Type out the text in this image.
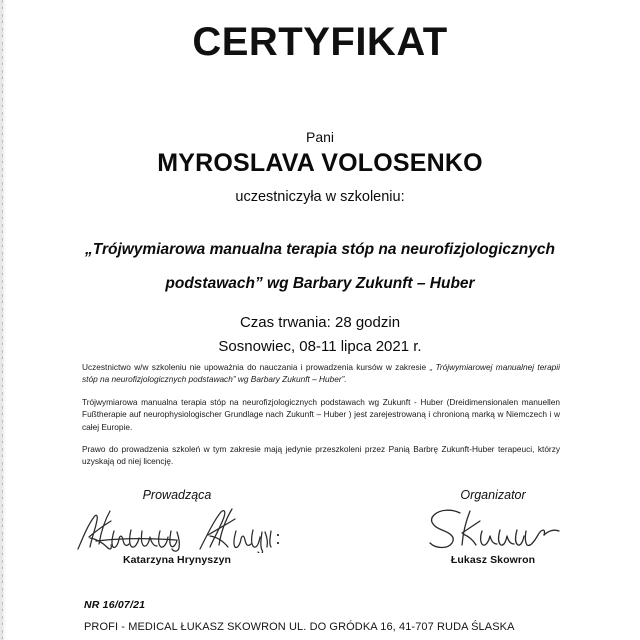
CERTYFIKAT
Pani
MYROSLAVA VOLOSENKO
uczestniczyła w szkoleniu:
„Trójwymiarowa manualna terapia stóp na neurofizjologicznych
podstawach” wg Barbary Zukunft – Huber
Czas trwania: 28 godzin
Sosnowiec, 08-11 lipca 2021 r.

Uczestnictwo w/w szkoleniu nie upoważnia do nauczania i prowadzenia kursów w zakresie „ Trójwymiarowej manualnej terapii stóp na neurofizjologicznych podstawach” wg Barbary Zukunft – Huber”.

Trójwymiarowa manualna terapia stóp na neurofizjologicznych podstawach wg Zukunft - Huber (Dreidimensionalen manuellen Fußtherapie auf neurophysiologischer Grundlage nach Zukunft – Huber ) jest zarejestrowaną i chronioną marką w Niemczech i w całej Europie.

Prawo do prowadzenia szkoleń w tym zakresie mają jedynie przeszkoleni przez Panią Barbrę Zukunft-Huber terapeuci, którzy uzyskają od niej licencję.

Prowadząca
Katarzyna Hrynyszyn
Organizator
Łukasz Skowron
NR 16/07/21
PROFI - MEDICAL ŁUKASZ SKOWRON UL. DO GRÓDKA 16, 41-707 RUDA ŚLASKA
